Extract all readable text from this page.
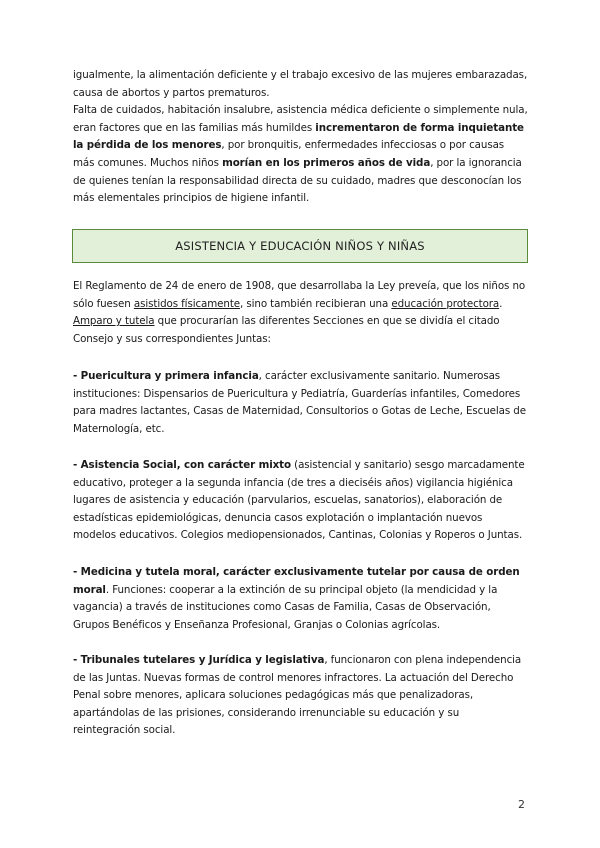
igualmente, la alimentación deficiente y el trabajo excesivo de las mujeres embarazadas, causa de abortos y partos prematuros.
Falta de cuidados, habitación insalubre, asistencia médica deficiente o simplemente nula, eran factores que en las familias más humildes incrementaron de forma inquietante la pérdida de los menores, por bronquitis, enfermedades infecciosas o por causas más comunes. Muchos niños morían en los primeros años de vida, por la ignorancia de quienes tenían la responsabilidad directa de su cuidado, madres que desconocían los más elementales principios de higiene infantil.
ASISTENCIA Y EDUCACIÓN NIÑOS Y NIÑAS
El Reglamento de 24 de enero de 1908, que desarrollaba la Ley preveía, que los niños no sólo fuesen asistidos físicamente, sino también recibieran una educación protectora. Amparo y tutela que procurarían las diferentes Secciones en que se dividía el citado Consejo y sus correspondientes Juntas:
- Puericultura y primera infancia, carácter exclusivamente sanitario. Numerosas instituciones: Dispensarios de Puericultura y Pediatría, Guarderías infantiles, Comedores para madres lactantes, Casas de Maternidad, Consultorios o Gotas de Leche, Escuelas de Maternología, etc.
- Asistencia Social, con carácter mixto (asistencial y sanitario) sesgo marcadamente educativo, proteger a la segunda infancia (de tres a dieciséis años) vigilancia higiénica lugares de asistencia y educación (parvularios, escuelas, sanatorios), elaboración de estadísticas epidemiológicas, denuncia casos explotación o implantación nuevos modelos educativos. Colegios mediopensionados, Cantinas, Colonias y Roperos o Juntas.
- Medicina y tutela moral, carácter exclusivamente tutelar por causa de orden moral. Funciones: cooperar a la extinción de su principal objeto (la mendicidad y la vagancia) a través de instituciones como Casas de Familia, Casas de Observación, Grupos Benéficos y Enseñanza Profesional, Granjas o Colonias agrícolas.
- Tribunales tutelares y Jurídica y legislativa, funcionaron con plena independencia de las Juntas. Nuevas formas de control menores infractores. La actuación del Derecho Penal sobre menores, aplicara soluciones pedagógicas más que penalizadoras, apartándolas de las prisiones, considerando irrenunciable su educación y su reintegración social.
2
